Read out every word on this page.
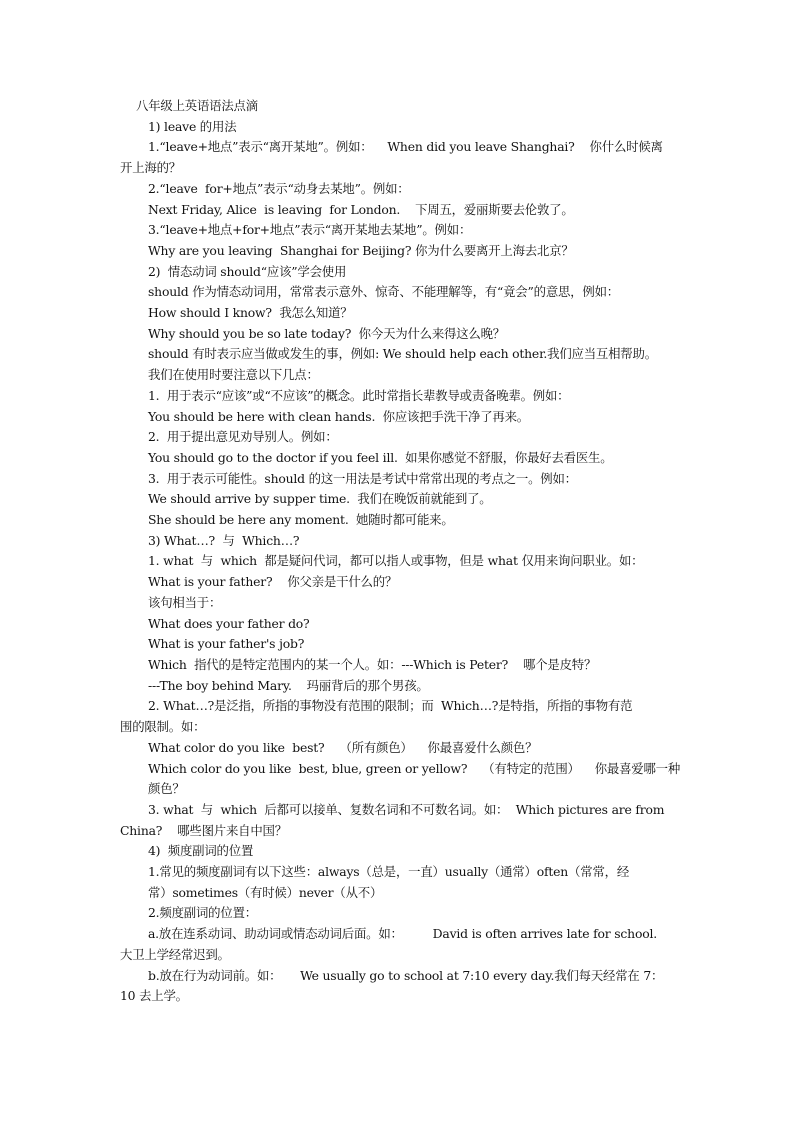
八年级上英语语法点滴
1) leave 的用法
1.“leave+地点”表示“离开某地”。例如：    When did you leave Shanghai?    你什么时候离
开上海的？
2.“leave  for+地点”表示“动身去某地”。例如：
Next Friday, Alice  is leaving  for London.    下周五，爱丽斯要去伦敦了。
3.“leave+地点+for+地点”表示“离开某地去某地”。例如：
Why are you leaving  Shanghai for Beijing? 你为什么要离开上海去北京？
2)  情态动词 should“应该”学会使用
should 作为情态动词用，常常表示意外、惊奇、不能理解等，有“竟会”的意思，例如：
How should I know?  我怎么知道？
Why should you be so late today?  你今天为什么来得这么晚？
should 有时表示应当做或发生的事，例如: We should help each other.我们应当互相帮助。
我们在使用时要注意以下几点：
1.  用于表示“应该”或“不应该”的概念。此时常指长辈教导或责备晚辈。例如：
You should be here with clean hands.  你应该把手洗干净了再来。
2.  用于提出意见劝导别人。例如：
You should go to the doctor if you feel ill.  如果你感觉不舒服，你最好去看医生。
3.  用于表示可能性。should 的这一用法是考试中常常出现的考点之一。例如：
We should arrive by supper time.  我们在晚饭前就能到了。
She should be here any moment.  她随时都可能来。
3) What…?  与  Which…?
1. what  与  which  都是疑问代词，都可以指人或事物，但是 what 仅用来询问职业。如：
What is your father?    你父亲是干什么的？
该句相当于：
What does your father do?
What is your father's job?
Which  指代的是特定范围内的某一个人。如：---Which is Peter?    哪个是皮特？
---The boy behind Mary.    玛丽背后的那个男孩。
2. What…?是泛指，所指的事物没有范围的限制；而  Which…?是特指，所指的事物有范
围的限制。如：
What color do you like  best?    （所有颜色）    你最喜爱什么颜色？
Which color do you like  best, blue, green or yellow?    （有特定的范围）    你最喜爱哪一种
颜色？
3. what  与  which  后都可以接单、复数名词和不可数名词。如：  Which pictures are from
China?    哪些图片来自中国？
4)  频度副词的位置
1.常见的频度副词有以下这些：always（总是，一直）usually（通常）often（常常，经
常）sometimes（有时候）never（从不）
2.频度副词的位置：
a.放在连系动词、助动词或情态动词后面。如：        David is often arrives late for school.
大卫上学经常迟到。
b.放在行为动词前。如：     We usually go to school at 7:10 every day.我们每天经常在 7：
10 去上学。
